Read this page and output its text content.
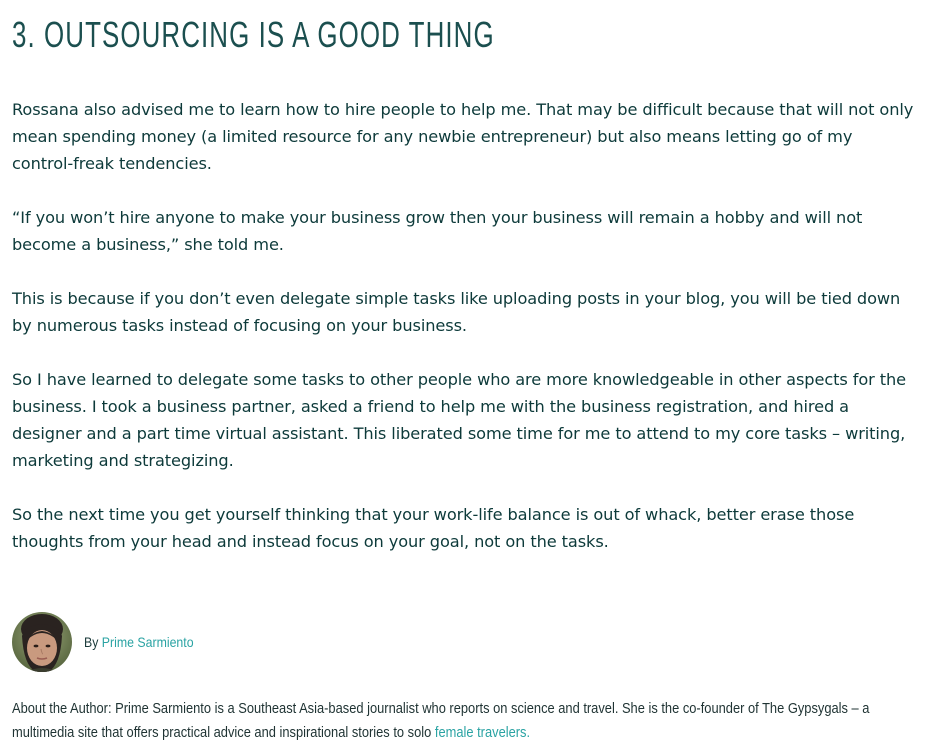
3. OUTSOURCING IS A GOOD THING

Rossana also advised me to learn how to hire people to help me. That may be difficult because that will not only mean spending money (a limited resource for any newbie entrepreneur) but also means letting go of my control-freak tendencies.

“If you won’t hire anyone to make your business grow then your business will remain a hobby and will not become a business,” she told me.

This is because if you don’t even delegate simple tasks like uploading posts in your blog, you will be tied down by numerous tasks instead of focusing on your business.

So I have learned to delegate some tasks to other people who are more knowledgeable in other aspects for the business. I took a business partner, asked a friend to help me with the business registration, and hired a designer and a part time virtual assistant. This liberated some time for me to attend to my core tasks – writing, marketing and strategizing.

So the next time you get yourself thinking that your work-life balance is out of whack, better erase those thoughts from your head and instead focus on your goal, not on the tasks.

By Prime Sarmiento

About the Author: Prime Sarmiento is a Southeast Asia-based journalist who reports on science and travel. She is the co-founder of The Gypsygals – a multimedia site that offers practical advice and inspirational stories to solo female travelers.
